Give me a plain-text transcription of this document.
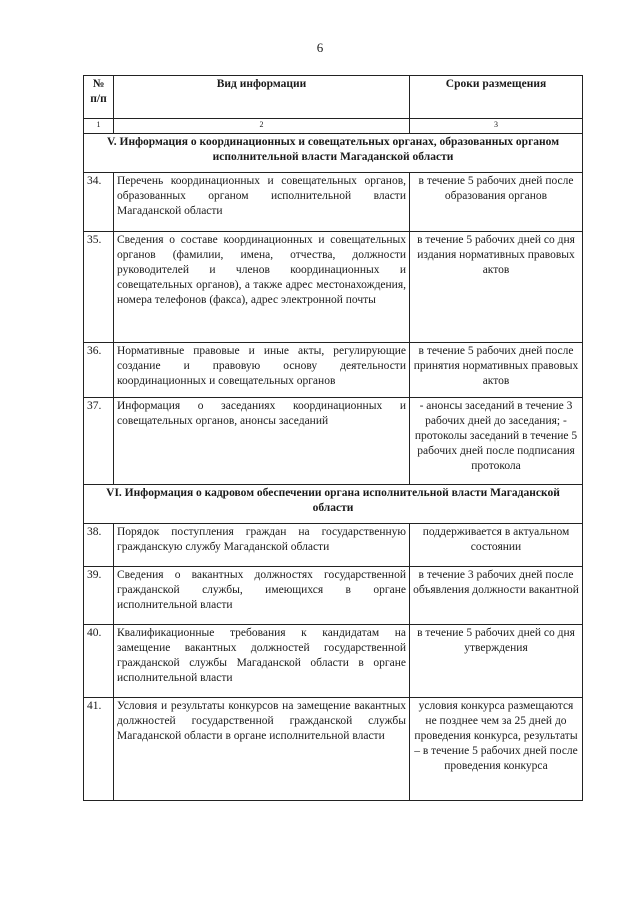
6
№ п/п	Вид информации	Сроки размещения
1	2	3
V. Информация о координационных и совещательных органах, образованных органом исполнительной власти Магаданской области		
34.	Перечень координационных и совещательных органов, образованных органом исполнительной власти Магаданской области	в течение 5 рабочих дней после образования органов
35.	Сведения о составе координационных и совещательных органов (фамилии, имена, отчества, должности руководителей и членов координационных и совещательных органов), а также адрес местонахождения, номера телефонов (факса), адрес электронной почты	в течение 5 рабочих дней со дня издания нормативных правовых актов
36.	Нормативные правовые и иные акты, регулирующие создание и правовую основу деятельности координационных и совещательных органов	в течение 5 рабочих дней после принятия нормативных правовых актов
37.	Информация о заседаниях координационных и совещательных органов, анонсы заседаний	- анонсы заседаний в течение 3 рабочих дней до заседания; - протоколы заседаний в течение 5 рабочих дней после подписания протокола
VI. Информация о кадровом обеспечении органа исполнительной власти Магаданской области		
38.	Порядок поступления граждан на государственную гражданскую службу Магаданской области	поддерживается в актуальном состоянии
39.	Сведения о вакантных должностях государственной гражданской службы, имеющихся в органе исполнительной власти	в течение 3 рабочих дней после объявления должности вакантной
40.	Квалификационные требования к кандидатам на замещение вакантных должностей государственной гражданской службы Магаданской области в органе исполнительной власти	в течение 5 рабочих дней со дня утверждения
41.	Условия и результаты конкурсов на замещение вакантных должностей государственной гражданской службы Магаданской области в органе исполнительной власти	условия конкурса размещаются не позднее чем за 25 дней до проведения конкурса, результаты – в течение 5 рабочих дней после проведения конкурса
